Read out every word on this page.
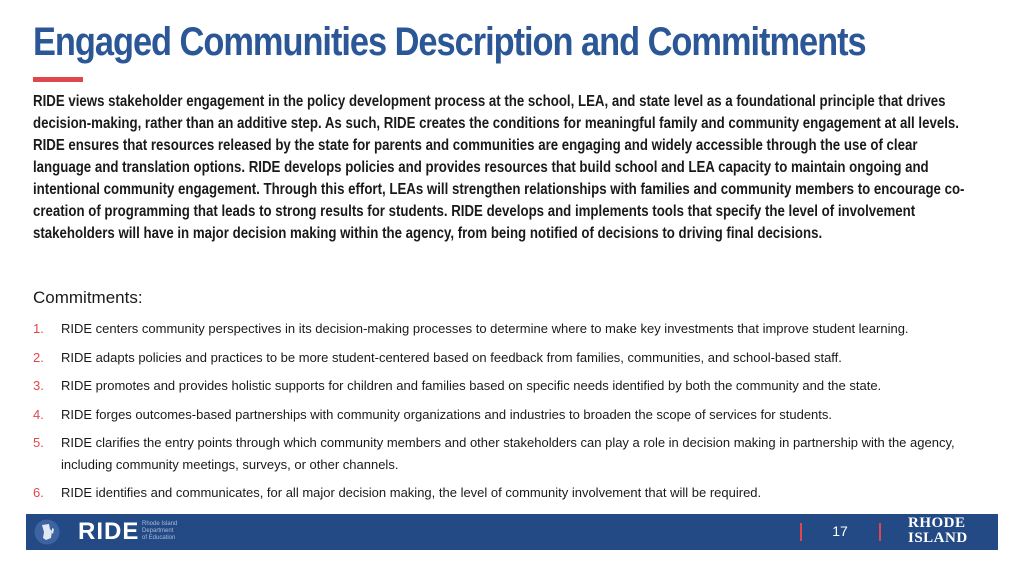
Engaged Communities Description and Commitments
RIDE views stakeholder engagement in the policy development process at the school, LEA, and state level as a foundational principle that drives decision-making, rather than an additive step. As such, RIDE creates the conditions for meaningful family and community engagement at all levels. RIDE ensures that resources released by the state for parents and communities are engaging and widely accessible through the use of clear language and translation options. RIDE develops policies and provides resources that build school and LEA capacity to maintain ongoing and intentional community engagement. Through this effort, LEAs will strengthen relationships with families and community members to encourage co-creation of programming that leads to strong results for students. RIDE develops and implements tools that specify the level of involvement stakeholders will have in major decision making within the agency, from being notified of decisions to driving final decisions.
Commitments:
1.	RIDE centers community perspectives in its decision-making processes to determine where to make key investments that improve student learning.
2.	RIDE adapts policies and practices to be more student-centered based on feedback from families, communities, and school-based staff.
3.	RIDE promotes and provides holistic supports for children and families based on specific needs identified by both the community and the state.
4.	RIDE forges outcomes-based partnerships with community organizations and industries to broaden the scope of services for students.
5.	RIDE clarifies the entry points through which community members and other stakeholders can play a role in decision making in partnership with the agency, including community meetings, surveys, or other channels.
6.	RIDE identifies and communicates, for all major decision making, the level of community involvement that will be required.
RIDE Rhode Island
Department
of Education	17	RHODE
ISLAND
